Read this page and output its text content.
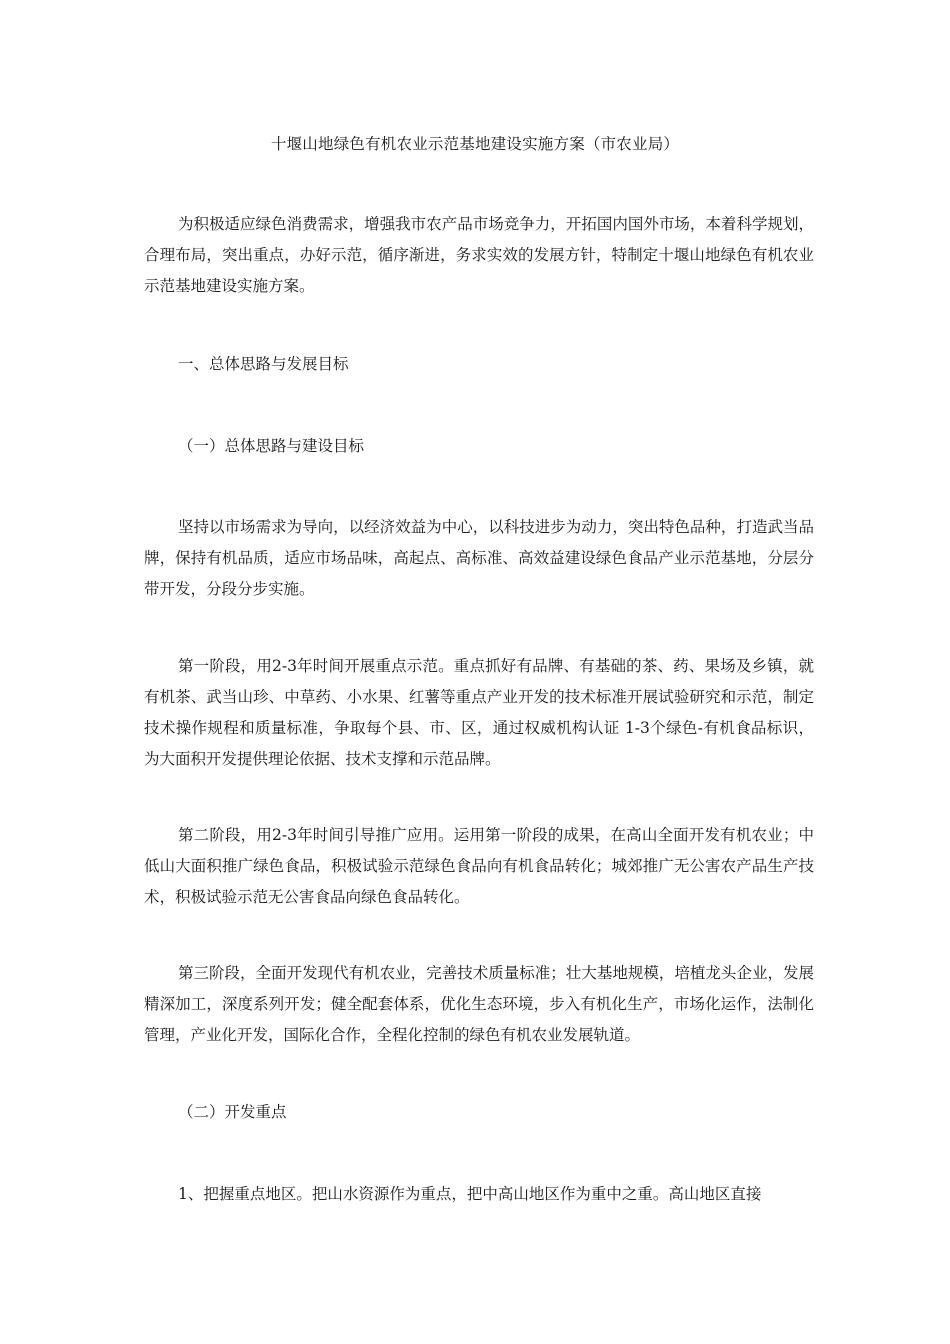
十堰山地绿色有机农业示范基地建设实施方案（市农业局）
为积极适应绿色消费需求，增强我市农产品市场竞争力，开拓国内国外市场，本着科学规划，合理布局，突出重点，办好示范，循序渐进，务求实效的发展方针，特制定十堰山地绿色有机农业示范基地建设实施方案。
一、总体思路与发展目标
（一）总体思路与建设目标
坚持以市场需求为导向，以经济效益为中心，以科技进步为动力，突出特色品种，打造武当品牌，保持有机品质，适应市场品味，高起点、高标准、高效益建设绿色食品产业示范基地，分层分带开发，分段分步实施。
第一阶段，用2-3年时间开展重点示范。重点抓好有品牌、有基础的茶、药、果场及乡镇，就有机茶、武当山珍、中草药、小水果、红薯等重点产业开发的技术标准开展试验研究和示范，制定技术操作规程和质量标准，争取每个县、市、区，通过权威机构认证 1-3个绿色-有机食品标识，为大面积开发提供理论依据、技术支撑和示范品牌。
第二阶段，用2-3年时间引导推广应用。运用第一阶段的成果，在高山全面开发有机农业；中低山大面积推广绿色食品，积极试验示范绿色食品向有机食品转化；城郊推广无公害农产品生产技术，积极试验示范无公害食品向绿色食品转化。
第三阶段，全面开发现代有机农业，完善技术质量标准；壮大基地规模，培植龙头企业，发展精深加工，深度系列开发；健全配套体系，优化生态环境，步入有机化生产，市场化运作，法制化管理，产业化开发，国际化合作，全程化控制的绿色有机农业发展轨道。
（二）开发重点
1、把握重点地区。把山水资源作为重点，把中高山地区作为重中之重。高山地区直接
